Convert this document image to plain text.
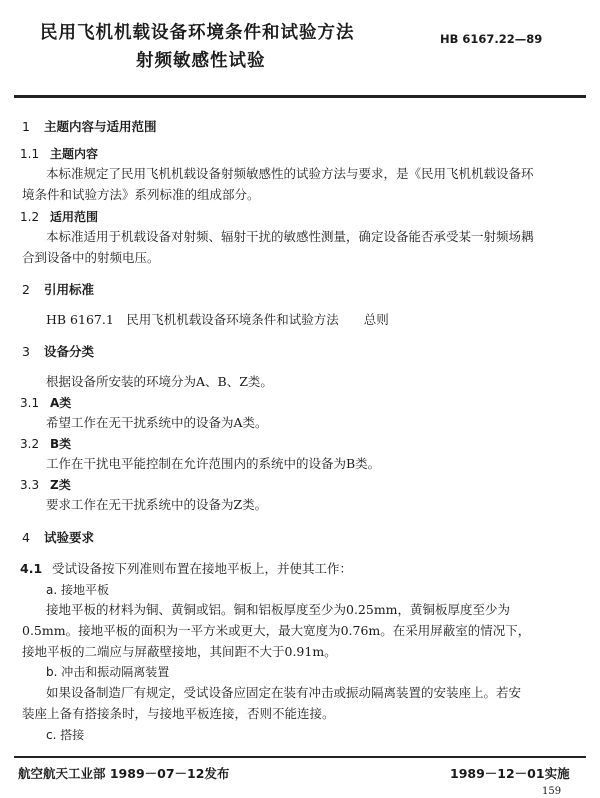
民用飞机机载设备环境条件和试验方法
射频敏感性试验
HB 6167.22—89
1 主题内容与适用范围
1.1 主题内容
本标准规定了民用飞机机载设备射频敏感性的试验方法与要求，是《民用飞机机载设备环
境条件和试验方法》系列标准的组成部分。
1.2 适用范围
本标准适用于机载设备对射频、辐射干扰的敏感性测量，确定设备能否承受某一射频场耦
合到设备中的射频电压。
2 引用标准
HB 6167.1　民用飞机机载设备环境条件和试验方法　　总则
3 设备分类
根据设备所安装的环境分为A、B、Z类。
3.1 A类
希望工作在无干扰系统中的设备为A类。
3.2 B类
工作在干扰电平能控制在允许范围内的系统中的设备为B类。
3.3 Z类
要求工作在无干扰系统中的设备为Z类。
4 试验要求
4.1 受试设备按下列准则布置在接地平板上，并使其工作：
a. 接地平板
接地平板的材料为铜、黄铜或铝。铜和铝板厚度至少为0.25mm，黄铜板厚度至少为
0.5mm。接地平板的面积为一平方米或更大，最大宽度为0.76m。在采用屏蔽室的情况下，
接地平板的二端应与屏蔽壁接地，其间距不大于0.91m。
b. 冲击和振动隔离装置
如果设备制造厂有规定，受试设备应固定在装有冲击或振动隔离装置的安装座上。若安
装座上备有搭接条时，与接地平板连接，否则不能连接。
c. 搭接
航空航天工业部 1989－07－12发布	1989－12－01实施
159
